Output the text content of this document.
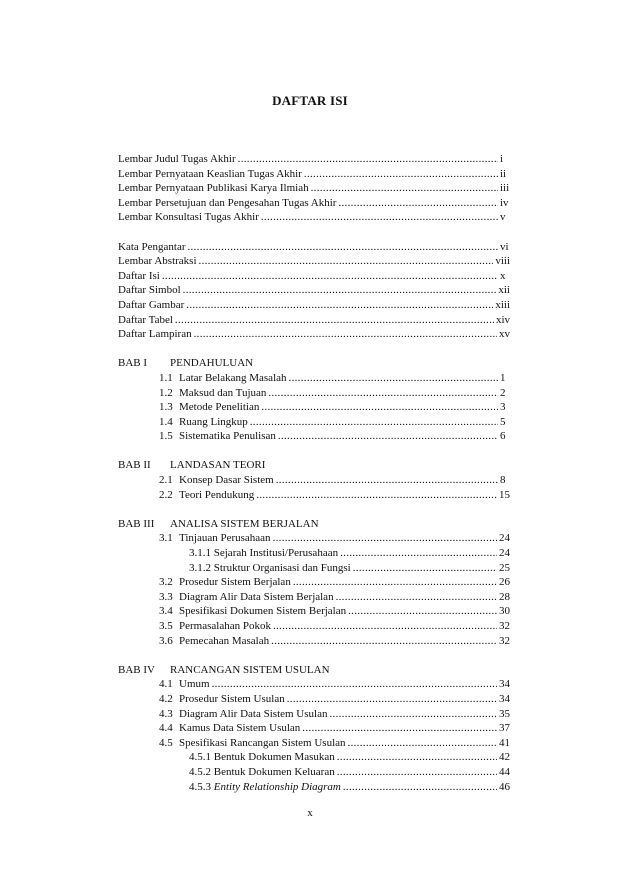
DAFTAR ISI
Lembar Judul Tugas Akhir .....	i
Lembar Pernyataan Keaslian Tugas Akhir .....	ii
Lembar Pernyataan Publikasi Karya Ilmiah .....	iii
Lembar Persetujuan dan Pengesahan Tugas Akhir .....	iv
Lembar Konsultasi Tugas Akhir .....	v
Kata Pengantar .....	vi
Lembar Abstraksi .....	viii
Daftar Isi .....	x
Daftar Simbol .....	xii
Daftar Gambar .....	xiii
Daftar Tabel .....	xiv
Daftar Lampiran .....	xv
BAB I	PENDAHULUAN
1.1 Latar Belakang Masalah .....	1
1.2 Maksud dan Tujuan .....	2
1.3 Metode Penelitian .....	3
1.4 Ruang Lingkup .....	5
1.5 Sistematika Penulisan .....	6
BAB II	LANDASAN TEORI
2.1 Konsep Dasar Sistem .....	8
2.2 Teori Pendukung .....	15
BAB III	ANALISA SISTEM BERJALAN
3.1 Tinjauan Perusahaan .....	24
3.1.1 Sejarah Institusi/Perusahaan .....	24
3.1.2 Struktur Organisasi dan Fungsi .....	25
3.2 Prosedur Sistem Berjalan .....	26
3.3 Diagram Alir Data Sistem Berjalan .....	28
3.4 Spesifikasi Dokumen Sistem Berjalan .....	30
3.5 Permasalahan Pokok .....	32
3.6 Pemecahan Masalah .....	32
BAB IV	RANCANGAN SISTEM USULAN
4.1 Umum .....	34
4.2 Prosedur Sistem Usulan .....	34
4.3 Diagram Alir Data Sistem Usulan .....	35
4.4 Kamus Data Sistem Usulan .....	37
4.5 Spesifikasi Rancangan Sistem Usulan .....	41
4.5.1 Bentuk Dokumen Masukan .....	42
4.5.2 Bentuk Dokumen Keluaran .....	44
4.5.3 Entity Relationship Diagram .....	46
x
